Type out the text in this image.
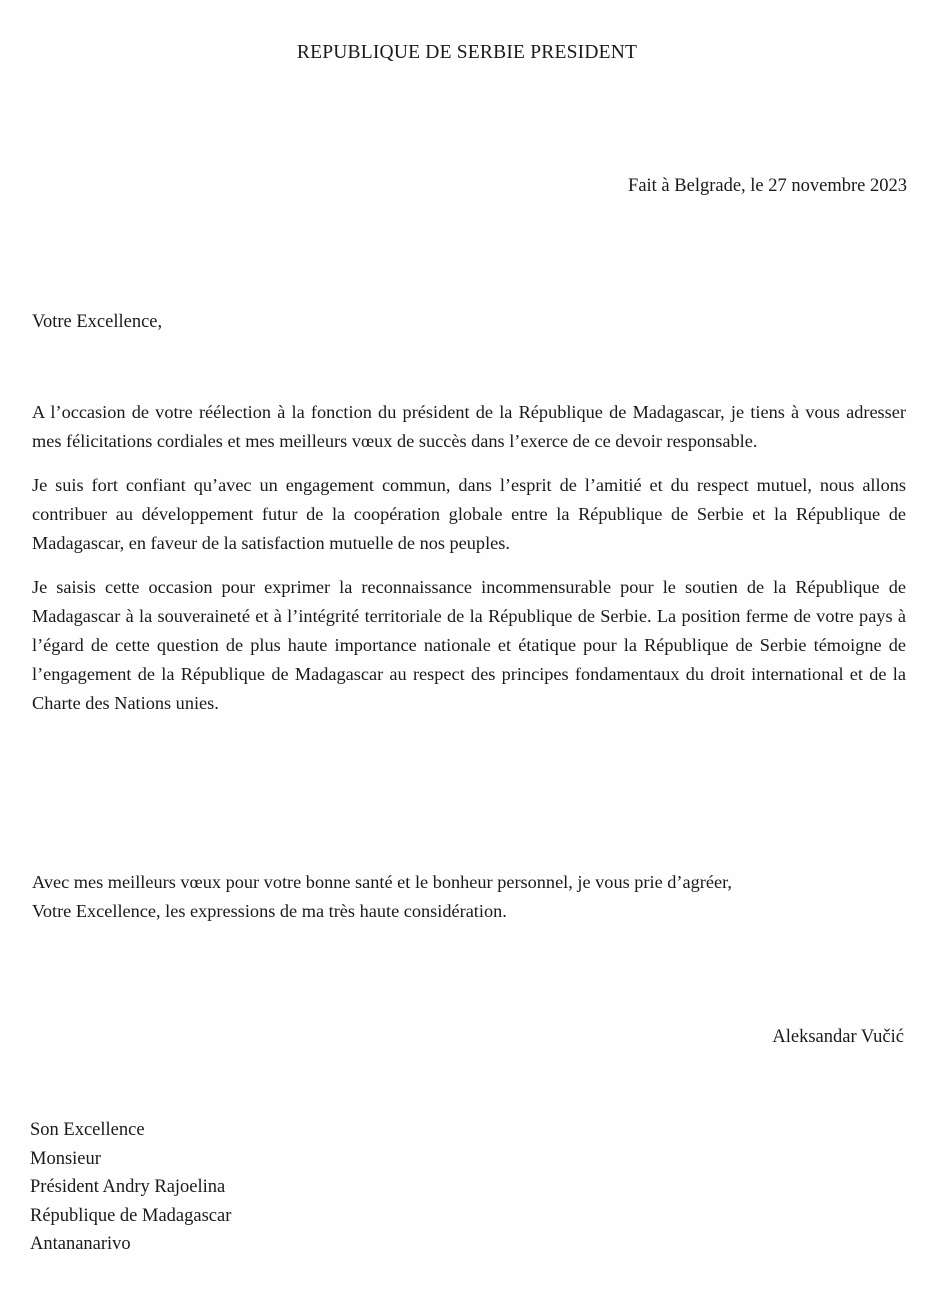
REPUBLIQUE DE SERBIE PRESIDENT
Fait à Belgrade, le 27 novembre 2023
Votre Excellence,

A l’occasion de votre réélection à la fonction du président de la République de Madagascar, je tiens à vous adresser mes félicitations cordiales et mes meilleurs vœux de succès dans l’exerce de ce devoir responsable.

Je suis fort confiant qu’avec un engagement commun, dans l’esprit de l’amitié et du respect mutuel, nous allons contribuer au développement futur de la coopération globale entre la République de Serbie et la République de Madagascar, en faveur de la satisfaction mutuelle de nos peuples.

Je saisis cette occasion pour exprimer la reconnaissance incommensurable pour le soutien de la République de Madagascar à la souveraineté et à l’intégrité territoriale de la République de Serbie. La position ferme de votre pays à l’égard de cette question de plus haute importance nationale et étatique pour la République de Serbie témoigne de l’engagement de la République de Madagascar au respect des principes fondamentaux du droit international et de la Charte des Nations unies.

Avec mes meilleurs vœux pour votre bonne santé et le bonheur personnel, je vous prie d’agréer,
Votre Excellence, les expressions de ma très haute considération.

Aleksandar Vučić
Son Excellence
Monsieur
Président Andry Rajoelina
République de Madagascar
Antananarivo
